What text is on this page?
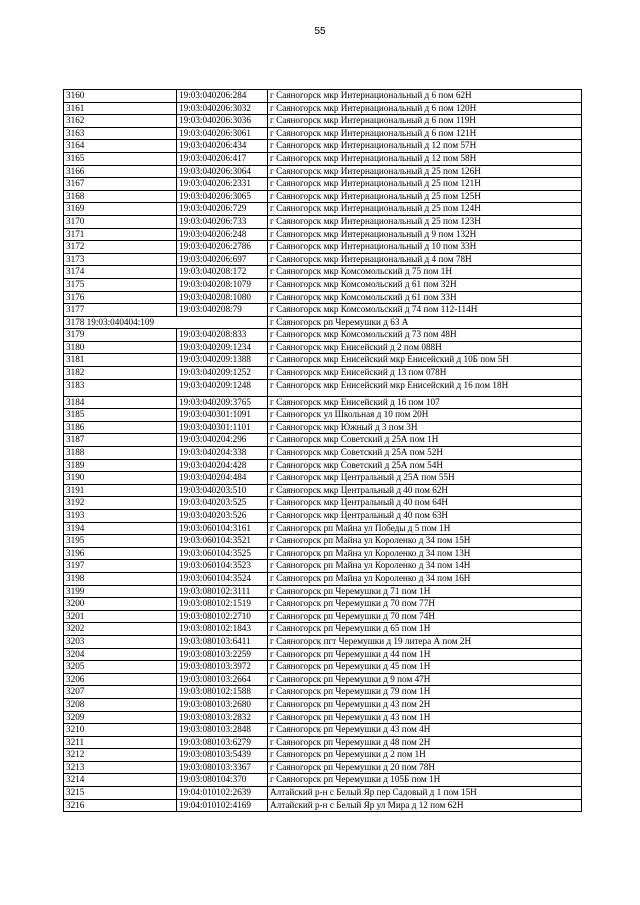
55
3160	19:03:040206:284	г Саяногорск мкр Интернациональный д 6 пом 62Н
3161	19:03:040206:3032	г Саяногорск мкр Интернациональный д 6 пом 120Н
3162	19:03:040206:3036	г Саяногорск мкр Интернациональный д 6 пом 119Н
3163	19:03:040206:3061	г Саяногорск мкр Интернациональный д 6 пом 121Н
3164	19:03:040206:434	г Саяногорск мкр Интернациональный д 12 пом 57Н
3165	19:03:040206:417	г Саяногорск мкр Интернациональный д 12 пом 58Н
3166	19:03:040206:3064	г Саяногорск мкр Интернациональный д 25 пом 126Н
3167	19:03:040206:2331	г Саяногорск мкр Интернациональный д 25 пом 121Н
3168	19:03:040206:3065	г Саяногорск мкр Интернациональный д 25 пом 125Н
3169	19:03:040206:729	г Саяногорск мкр Интернациональный д 25 пом 124Н
3170	19:03:040206:733	г Саяногорск мкр Интернациональный д 25 пом 123Н
3171	19:03:040206:248	г Саяногорск мкр Интернациональный д 9 пом 132Н
3172	19:03:040206:2786	г Саяногорск мкр Интернациональный д 10 пом 33Н
3173	19:03:040206:697	г Саяногорск мкр Интернациональный д 4 пом 78Н
3174	19:03:040208:172	г Саяногорск мкр Комсомольский д 75 пом 1Н
3175	19:03:040208:1079	г Саяногорск мкр Комсомольский д 61 пом 32Н
3176	19:03:040208:1080	г Саяногорск мкр Комсомольский д 61 пом 33Н
3177	19:03:040208:79	г Саяногорск мкр Комсомольский д 74 пом 112-114Н
3178 19:03:040404:109		г Саяногорск рп Черемушки д 63 А
3179	19:03:040208:833	г Саяногорск мкр Комсомольский д 73 пом 48Н
3180	19:03:040209:1234	г Саяногорск мкр Енисейский д 2 пом 088Н
3181	19:03:040209:1388	г Саяногорск мкр Енисейский мкр Енисейский д 10Б пом 5Н
3182	19:03:040209:1252	г Саяногорск мкр Енисейский д 13 пом 078Н
3183	19:03:040209:1248	г Саяногорск мкр Енисейский мкр Енисейский д 16 пом 18Н
3184	19:03:040209:3765	г Саяногорск мкр Енисейский д 16 пом 107
3185	19:03:040301:1091	г Саяногорск ул Школьная д 10 пом 20Н
3186	19:03:040301:1101	г Саяногорск мкр Южный д 3 пом 3Н
3187	19:03:040204:296	г Саяногорск мкр Советский д 25А пом 1Н
3188	19:03:040204:338	г Саяногорск мкр Советский д 25А пом 52Н
3189	19:03:040204:428	г Саяногорск мкр Советский д 25А пом 54Н
3190	19:03:040204:484	г Саяногорск мкр Центральный д 25А пом 55Н
3191	19:03:040203:510	г Саяногорск мкр Центральный д 40 пом 62Н
3192	19:03:040203:525	г Саяногорск мкр Центральный д 40 пом 64Н
3193	19:03:040203:526	г Саяногорск мкр Центральный д 40 пом 63Н
3194	19:03:060104:3161	г Саяногорск рп Майна ул Победы д 5 пом 1Н
3195	19:03:060104:3521	г Саяногорск рп Майна ул Короленко д 34 пом 15Н
3196	19:03:060104:3525	г Саяногорск рп Майна ул Короленко д 34 пом 13Н
3197	19:03:060104:3523	г Саяногорск рп Майна ул Короленко д 34 пом 14Н
3198	19:03:060104:3524	г Саяногорск рп Майна ул Короленко д 34 пом 16Н
3199	19:03:080102:3111	г Саяногорск рп Черемушки д 71 пом 1Н
3200	19:03:080102:1519	г Саяногорск рп Черемушки д 70 пом 77Н
3201	19:03:080102:2710	г Саяногорск рп Черемушки д 70 пом 74Н
3202	19:03:080102:1843	г Саяногорск рп Черемушки д 65 пом 1Н
3203	19:03:080103:6411	г Саяногорск пгт Черемушки д 19 литера А пом 2Н
3204	19:03:080103:2259	г Саяногорск рп Черемушки д 44 пом 1Н
3205	19:03:080103:3972	г Саяногорск рп Черемушки д 45 пом 1Н
3206	19:03:080103:2664	г Саяногорск рп Черемушки д 9 пом 47Н
3207	19:03:080102:1588	г Саяногорск рп Черемушки д 79 пом 1Н
3208	19:03:080103:2680	г Саяногорск рп Черемушки д 43 пом 2Н
3209	19:03:080103:2832	г Саяногорск рп Черемушки д 43 пом 1Н
3210	19:03:080103:2848	г Саяногорск рп Черемушки д 43 пом 4Н
3211	19:03:080103:6279	г Саяногорск рп Черемушки д 48 пом 2Н
3212	19:03:080103:5439	г Саяногорск рп Черемушки д 2 пом 1Н
3213	19:03:080103:3367	г Саяногорск рп Черемушки д 20 пом 78Н
3214	19:03:080104:370	г Саяногорск рп Черемушки д 105Б пом 1Н
3215	19:04:010102:2639	Алтайский р-н с Белый Яр пер Садовый д 1 пом 15Н
3216	19:04:010102:4169	Алтайский р-н с Белый Яр ул Мира д 12 пом 62Н
